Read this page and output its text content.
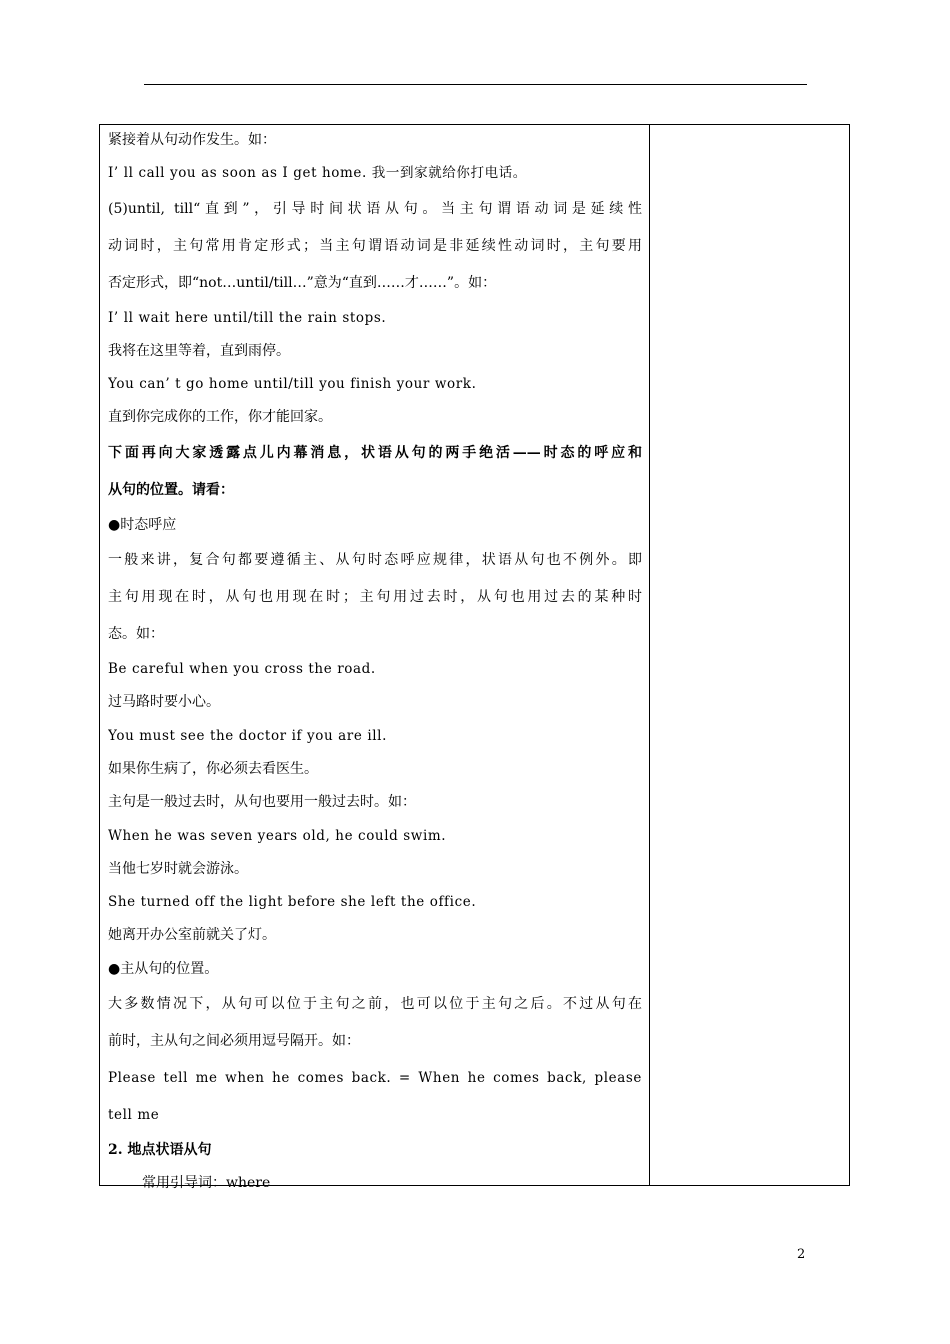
紧接着从句动作发生。如：
I’ ll call you as soon as I get home. 我一到家就给你打电话。
(5)until, till“直到”，引导时间状语从句。当主句谓语动词是延续性
动词时，主句常用肯定形式；当主句谓语动词是非延续性动词时，主句要用
否定形式，即“not…until/till…”意为“直到……才……”。如：
I’ ll wait here until/till the rain stops.
我将在这里等着，直到雨停。
You can’ t go home until/till you finish your work.
直到你完成你的工作，你才能回家。
下面再向大家透露点儿内幕消息，状语从句的两手绝活——时态的呼应和
从句的位置。请看：
●时态呼应
一般来讲，复合句都要遵循主、从句时态呼应规律，状语从句也不例外。即
主句用现在时，从句也用现在时；主句用过去时，从句也用过去的某种时
态。如：
Be careful when you cross the road.
过马路时要小心。
You must see the doctor if you are ill.
如果你生病了，你必须去看医生。
主句是一般过去时，从句也要用一般过去时。如：
When he was seven years old, he could swim.
当他七岁时就会游泳。
She turned off the light before she left the office.
她离开办公室前就关了灯。
●主从句的位置。
大多数情况下，从句可以位于主句之前，也可以位于主句之后。不过从句在
前时，主从句之间必须用逗号隔开。如：
Please tell me when he comes back. = When he comes back, please
tell me
2. 地点状语从句
常用引导词：where
2
